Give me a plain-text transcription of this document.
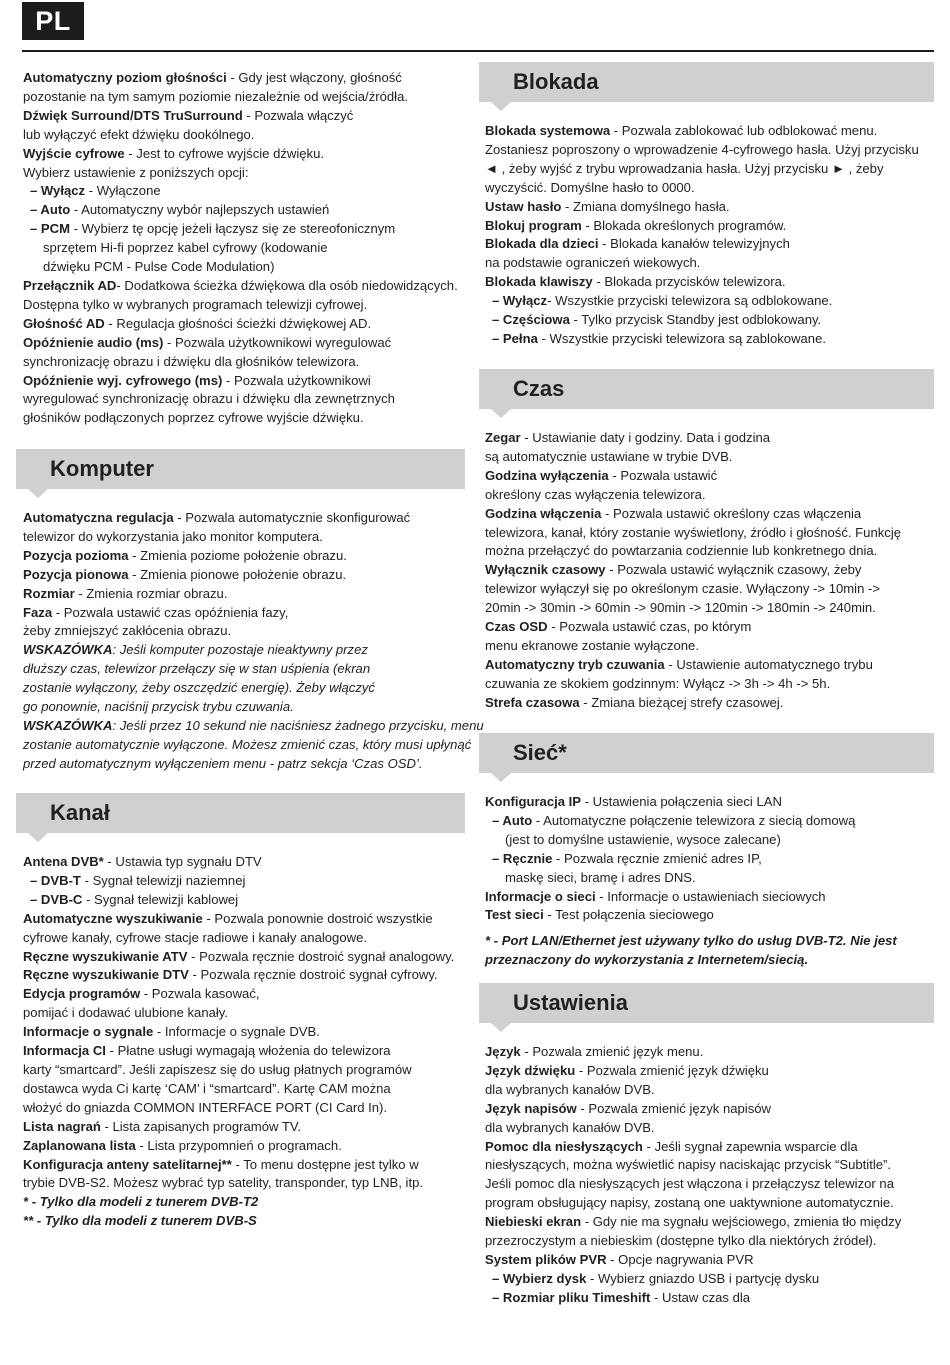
PL

Automatyczny poziom głośności - Gdy jest włączony, głośność

pozostanie na tym samym poziomie niezależnie od wejścia/źródła.

Dźwięk Surround/DTS TruSurround - Pozwala włączyć

lub wyłączyć efekt dźwięku dookólnego.

Wyjście cyfrowe - Jest to cyfrowe wyjście dźwięku.

Wybierz ustawienie z poniższych opcji:

– Wyłącz - Wyłączone

– Auto - Automatyczny wybór najlepszych ustawień

– PCM - Wybierz tę opcję jeżeli łączysz się ze stereofonicznym

sprzętem Hi-fi poprzez kabel cyfrowy (kodowanie

dźwięku PCM - Pulse Code Modulation)

Przełącznik AD- Dodatkowa ścieżka dźwiękowa dla osób niedowidzących.

Dostępna tylko w wybranych programach telewizji cyfrowej.

Głośność AD - Regulacja głośności ścieżki dźwiękowej AD.

Opóźnienie audio (ms) - Pozwala użytkownikowi wyregulować

synchronizację obrazu i dźwięku dla głośników telewizora.

Opóźnienie wyj. cyfrowego (ms) - Pozwala użytkownikowi

wyregulować synchronizację obrazu i dźwięku dla zewnętrznych

głośników podłączonych poprzez cyfrowe wyjście dźwięku.

Komputer

Automatyczna regulacja - Pozwala automatycznie skonfigurować

telewizor do wykorzystania jako monitor komputera.

Pozycja pozioma - Zmienia poziome położenie obrazu.

Pozycja pionowa - Zmienia pionowe położenie obrazu.

Rozmiar - Zmienia rozmiar obrazu.

Faza - Pozwala ustawić czas opóźnienia fazy,

żeby zmniejszyć zakłócenia obrazu.

WSKAZÓWKA: Jeśli komputer pozostaje nieaktywny przez

dłuższy czas, telewizor przełączy się w stan uśpienia (ekran

zostanie wyłączony, żeby oszczędzić energię). Żeby włączyć

go ponownie, naciśnij przycisk trybu czuwania.

WSKAZÓWKA: Jeśli przez 10 sekund nie naciśniesz żadnego przycisku, menu

zostanie automatycznie wyłączone. Możesz zmienić czas, który musi upłynąć

przed automatycznym wyłączeniem menu - patrz sekcja ‘Czas OSD’.

Kanał

Antena DVB* - Ustawia typ sygnału DTV

– DVB-T - Sygnał telewizji naziemnej

– DVB-C - Sygnał telewizji kablowej

Automatyczne wyszukiwanie - Pozwala ponownie dostroić wszystkie

cyfrowe kanały, cyfrowe stacje radiowe i kanały analogowe.

Ręczne wyszukiwanie ATV - Pozwala ręcznie dostroić sygnał analogowy.

Ręczne wyszukiwanie DTV - Pozwala ręcznie dostroić sygnał cyfrowy.

Edycja programów - Pozwala kasować,

pomijać i dodawać ulubione kanały.

Informacje o sygnale - Informacje o sygnale DVB.

Informacja CI - Płatne usługi wymagają włożenia do telewizora

karty “smartcard”. Jeśli zapiszesz się do usług płatnych programów

dostawca wyda Ci kartę ‘CAM’ i “smartcard”. Kartę CAM można

włożyć do gniazda COMMON INTERFACE PORT (CI Card In).

Lista nagrań - Lista zapisanych programów TV.

Zaplanowana lista - Lista przypomnień o programach.

Konfiguracja anteny satelitarnej** - To menu dostępne jest tylko w

trybie DVB-S2. Możesz wybrać typ satelity, transponder, typ LNB, itp.

* - Tylko dla modeli z tunerem DVB-T2

** - Tylko dla modeli z tunerem DVB-S

Blokada

Blokada systemowa - Pozwala zablokować lub odblokować menu.

Zostaniesz poproszony o wprowadzenie 4-cyfrowego hasła. Użyj przycisku

◄ , żeby wyjść z trybu wprowadzania hasła. Użyj przycisku ► , żeby

wyczyścić. Domyślne hasło to 0000.

Ustaw hasło - Zmiana domyślnego hasła.

Blokuj program - Blokada określonych programów.

Blokada dla dzieci - Blokada kanałów telewizyjnych

na podstawie ograniczeń wiekowych.

Blokada klawiszy - Blokada przycisków telewizora.

– Wyłącz- Wszystkie przyciski telewizora są odblokowane.

– Częściowa - Tylko przycisk Standby jest odblokowany.

– Pełna - Wszystkie przyciski telewizora są zablokowane.

Czas

Zegar - Ustawianie daty i godziny. Data i godzina

są automatycznie ustawiane w trybie DVB.

Godzina wyłączenia - Pozwala ustawić

określony czas wyłączenia telewizora.

Godzina włączenia - Pozwala ustawić określony czas włączenia

telewizora, kanał, który zostanie wyświetlony, źródło i głośność. Funkcję

można przełączyć do powtarzania codziennie lub konkretnego dnia.

Wyłącznik czasowy - Pozwala ustawić wyłącznik czasowy, żeby

telewizor wyłączył się po określonym czasie. Wyłączony -> 10min ->

20min -> 30min -> 60min -> 90min -> 120min -> 180min -> 240min.

Czas OSD - Pozwala ustawić czas, po którym

menu ekranowe zostanie wyłączone.

Automatyczny tryb czuwania - Ustawienie automatycznego trybu

czuwania ze skokiem godzinnym: Wyłącz -> 3h -> 4h -> 5h.

Strefa czasowa - Zmiana bieżącej strefy czasowej.

Sieć*

Konfiguracja IP - Ustawienia połączenia sieci LAN

– Auto - Automatyczne połączenie telewizora z siecią domową

(jest to domyślne ustawienie, wysoce zalecane)

– Ręcznie - Pozwala ręcznie zmienić adres IP,

maskę sieci, bramę i adres DNS.

Informacje o sieci - Informacje o ustawieniach sieciowych

Test sieci - Test połączenia sieciowego

* - Port LAN/Ethernet jest używany tylko do usług DVB-T2. Nie jest

przeznaczony do wykorzystania z Internetem/siecią.

Ustawienia

Język - Pozwala zmienić język menu.

Język dźwięku - Pozwala zmienić język dźwięku

dla wybranych kanałów DVB.

Język napisów - Pozwala zmienić język napisów

dla wybranych kanałów DVB.

Pomoc dla niesłyszących - Jeśli sygnał zapewnia wsparcie dla

niesłyszących, można wyświetlić napisy naciskając przycisk “Subtitle”.

Jeśli pomoc dla niesłyszących jest włączona i przełączysz telewizor na

program obsługujący napisy, zostaną one uaktywnione automatycznie.

Niebieski ekran - Gdy nie ma sygnału wejściowego, zmienia tło między

przezroczystym a niebieskim (dostępne tylko dla niektórych źródeł).

System plików PVR - Opcje nagrywania PVR

– Wybierz dysk - Wybierz gniazdo USB i partycję dysku

– Rozmiar pliku Timeshift - Ustaw czas dla
